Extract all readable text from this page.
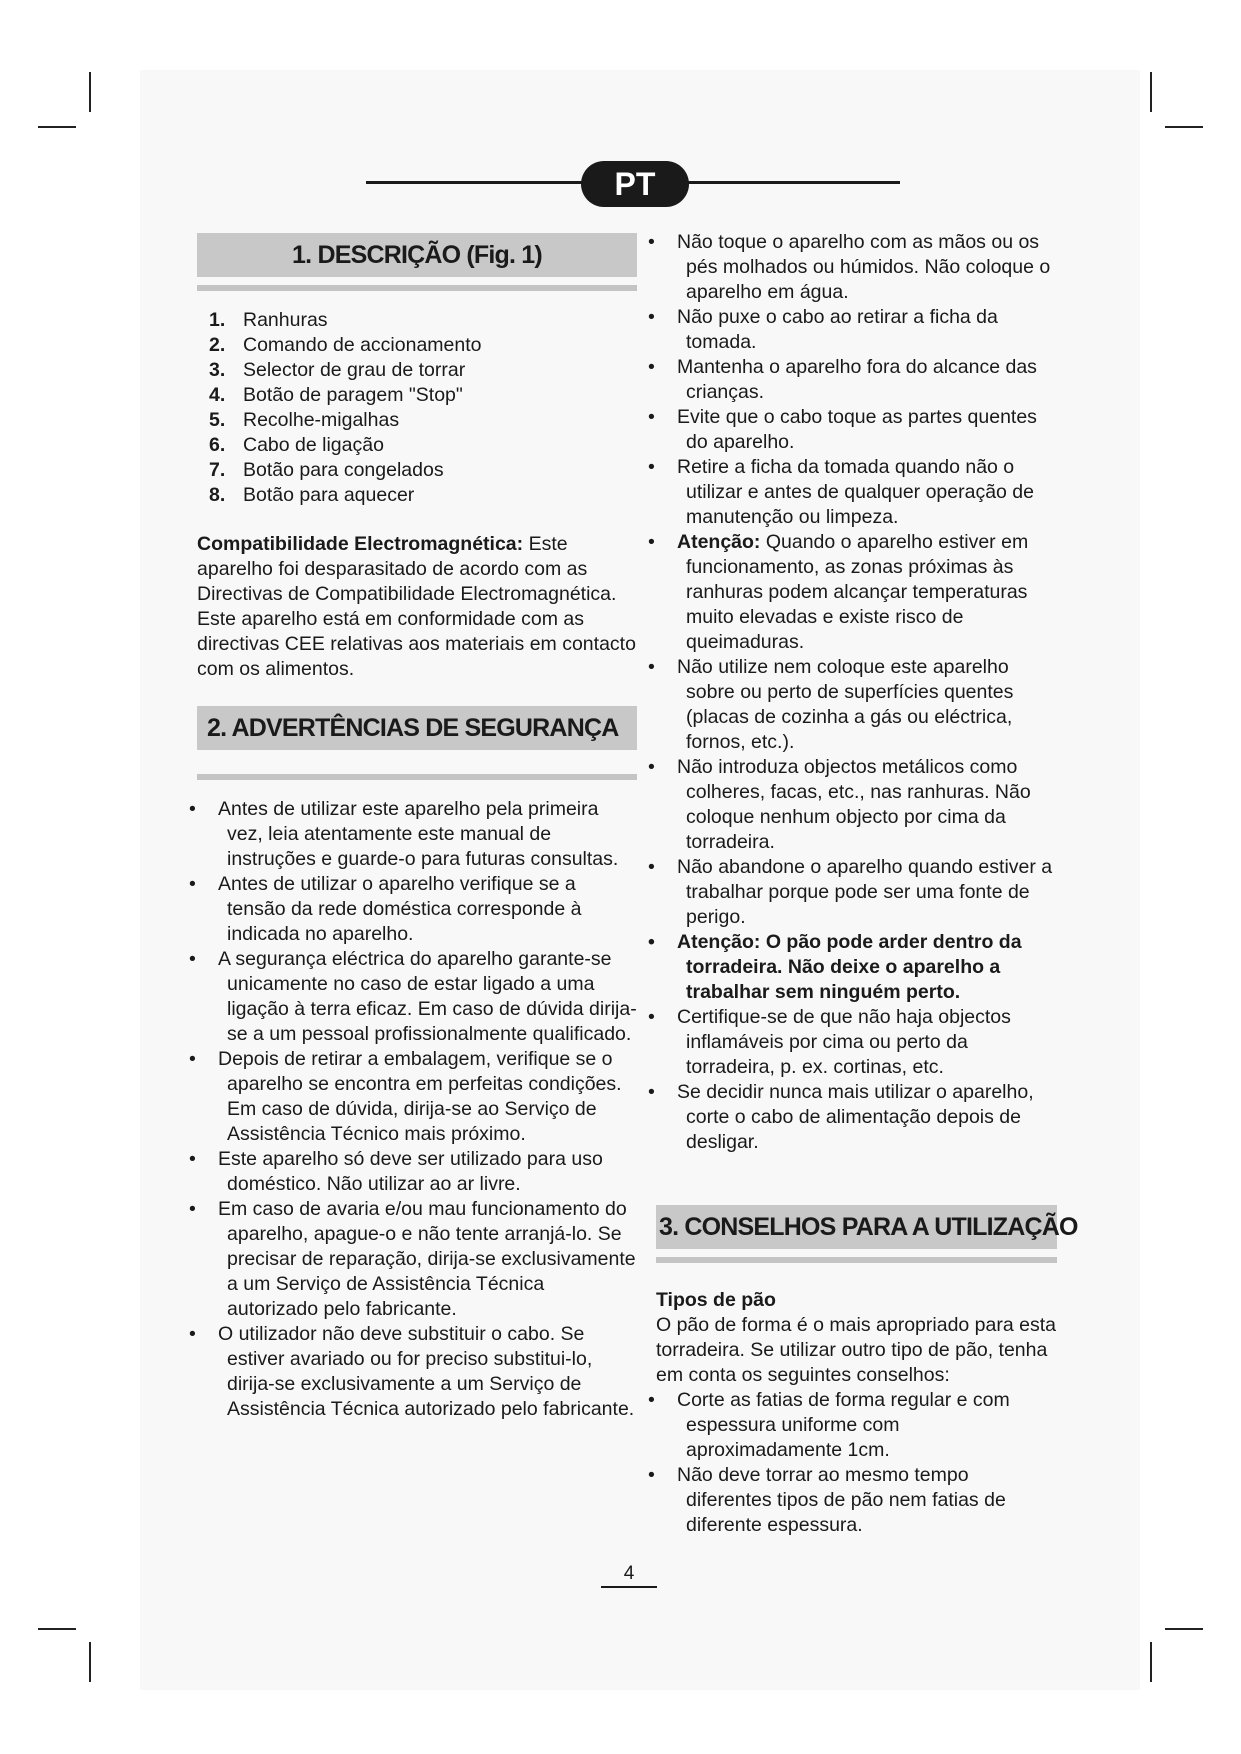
PT
1. DESCRIÇÃO (Fig. 1)
1. Ranhuras
2. Comando de accionamento
3. Selector de grau de torrar
4. Botão de paragem "Stop"
5. Recolhe-migalhas
6. Cabo de ligação
7. Botão para congelados
8. Botão para aquecer

Compatibilidade Electromagnética: Este aparelho foi desparasitado de acordo com as Directivas de Compatibilidade Electromagnética. Este aparelho está em conformidade com as directivas CEE relativas aos materiais em contacto com os alimentos.

2. ADVERTÊNCIAS DE SEGURANÇA
• Antes de utilizar este aparelho pela primeira vez, leia atentamente este manual de instruções e guarde-o para futuras consultas.
• Antes de utilizar o aparelho verifique se a tensão da rede doméstica corresponde à indicada no aparelho.
• A segurança eléctrica do aparelho garante-se unicamente no caso de estar ligado a uma ligação à terra eficaz. Em caso de dúvida dirija-se a um pessoal profissionalmente qualificado.
• Depois de retirar a embalagem, verifique se o aparelho se encontra em perfeitas condições. Em caso de dúvida, dirija-se ao Serviço de Assistência Técnico mais próximo.
• Este aparelho só deve ser utilizado para uso doméstico. Não utilizar ao ar livre.
• Em caso de avaria e/ou mau funcionamento do aparelho, apague-o e não tente arranjá-lo. Se precisar de reparação, dirija-se exclusivamente a um Serviço de Assistência Técnica autorizado pelo fabricante.
• O utilizador não deve substituir o cabo. Se estiver avariado ou for preciso substitui-lo, dirija-se exclusivamente a um Serviço de Assistência Técnica autorizado pelo fabricante.
• Não toque o aparelho com as mãos ou os pés molhados ou húmidos. Não coloque o aparelho em água.
• Não puxe o cabo ao retirar a ficha da tomada.
• Mantenha o aparelho fora do alcance das crianças.
• Evite que o cabo toque as partes quentes do aparelho.
• Retire a ficha da tomada quando não o utilizar e antes de qualquer operação de manutenção ou limpeza.
• Atenção: Quando o aparelho estiver em funcionamento, as zonas próximas às ranhuras podem alcançar temperaturas muito elevadas e existe risco de queimaduras.
• Não utilize nem coloque este aparelho sobre ou perto de superfícies quentes (placas de cozinha a gás ou eléctrica, fornos, etc.).
• Não introduza objectos metálicos como colheres, facas, etc., nas ranhuras. Não coloque nenhum objecto por cima da torradeira.
• Não abandone o aparelho quando estiver a trabalhar porque pode ser uma fonte de perigo.
• Atenção: O pão pode arder dentro da torradeira. Não deixe o aparelho a trabalhar sem ninguém perto.
• Certifique-se de que não haja objectos inflamáveis por cima ou perto da torradeira, p. ex. cortinas, etc.
• Se decidir nunca mais utilizar o aparelho, corte o cabo de alimentação depois de desligar.
3. CONSELHOS PARA A UTILIZAÇÃO

Tipos de pão

O pão de forma é o mais apropriado para esta torradeira. Se utilizar outro tipo de pão, tenha em conta os seguintes conselhos:

• Corte as fatias de forma regular e com espessura uniforme com aproximadamente 1cm.
• Não deve torrar ao mesmo tempo diferentes tipos de pão nem fatias de diferente espessura.
4
